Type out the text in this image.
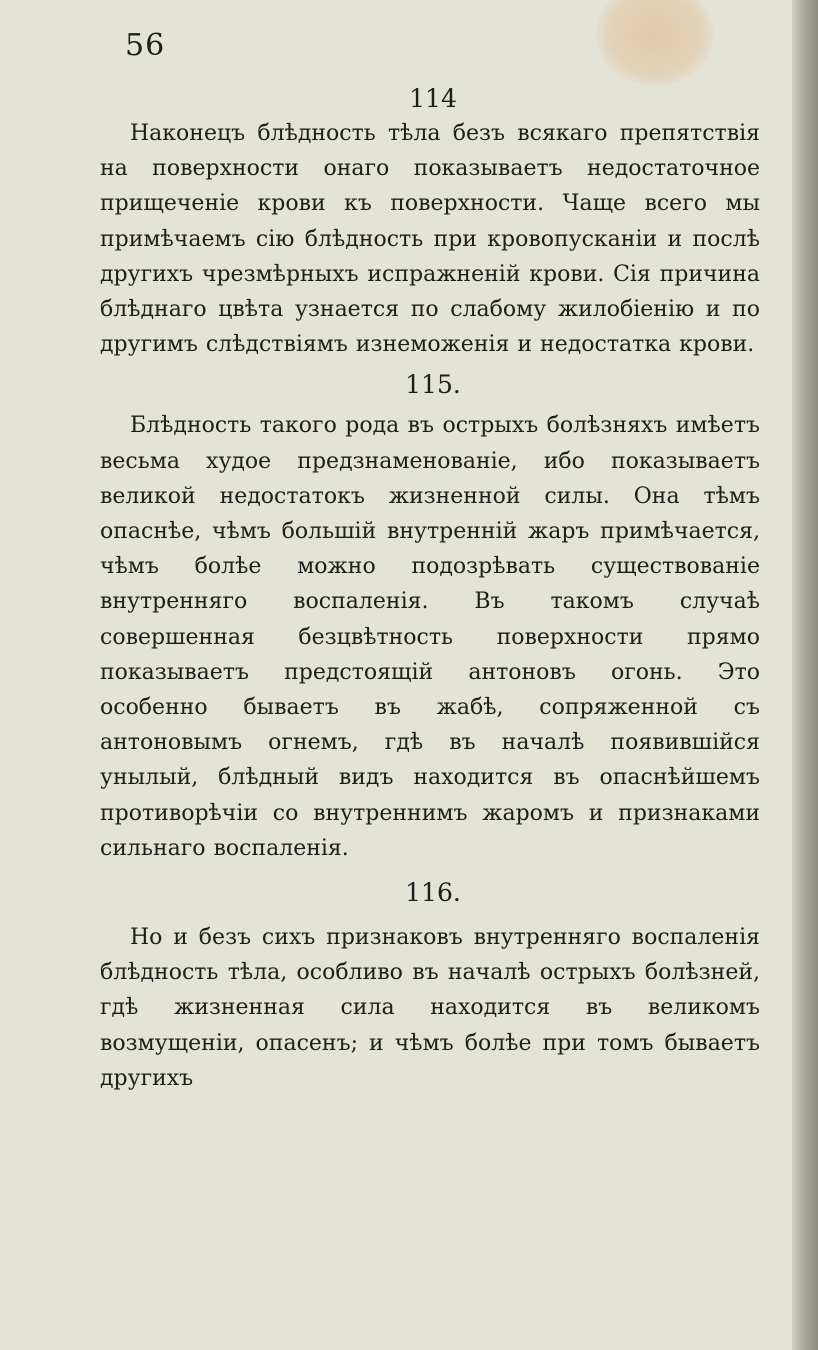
56
114
Наконецъ блѣдность тѣла безъ всякаго препятствія на поверхности онаго показываетъ недостаточное прищеченіе крови къ поверхности. Чаще всего мы примѣчаемъ сію блѣдность при кровопусканіи и послѣ другихъ чрезмѣрныхъ испражненій крови. Сія причина блѣднаго цвѣта узнается по слабому жилобіенію и по другимъ слѣдствіямъ изнеможенія и недостатка крови.
115.
Блѣдность такого рода въ острыхъ болѣзняхъ имѣетъ весьма худое предзнаменованіе, ибо показываетъ великой недостатокъ жизненной силы. Она тѣмъ опаснѣе, чѣмъ большій внутренній жаръ примѣчается, чѣмъ болѣе можно подозрѣвать существованіе внутренняго воспаленія. Въ такомъ случаѣ совершенная безцвѣтность поверхности прямо показываетъ предстоящій антоновъ огонь. Это особенно бываетъ въ жабѣ, сопряженной съ антоновымъ огнемъ, гдѣ въ началѣ появившійся унылый, блѣдный видъ находится въ опаснѣйшемъ противорѣчіи со внутреннимъ жаромъ и признаками сильнаго воспаленія.
116.
Но и безъ сихъ признаковъ внутренняго воспаленія блѣдность тѣла, особливо въ началѣ острыхъ болѣзней, гдѣ жизненная сила находится въ великомъ возмущеніи, опасенъ; и чѣмъ болѣе при томъ бываетъ другихъ
